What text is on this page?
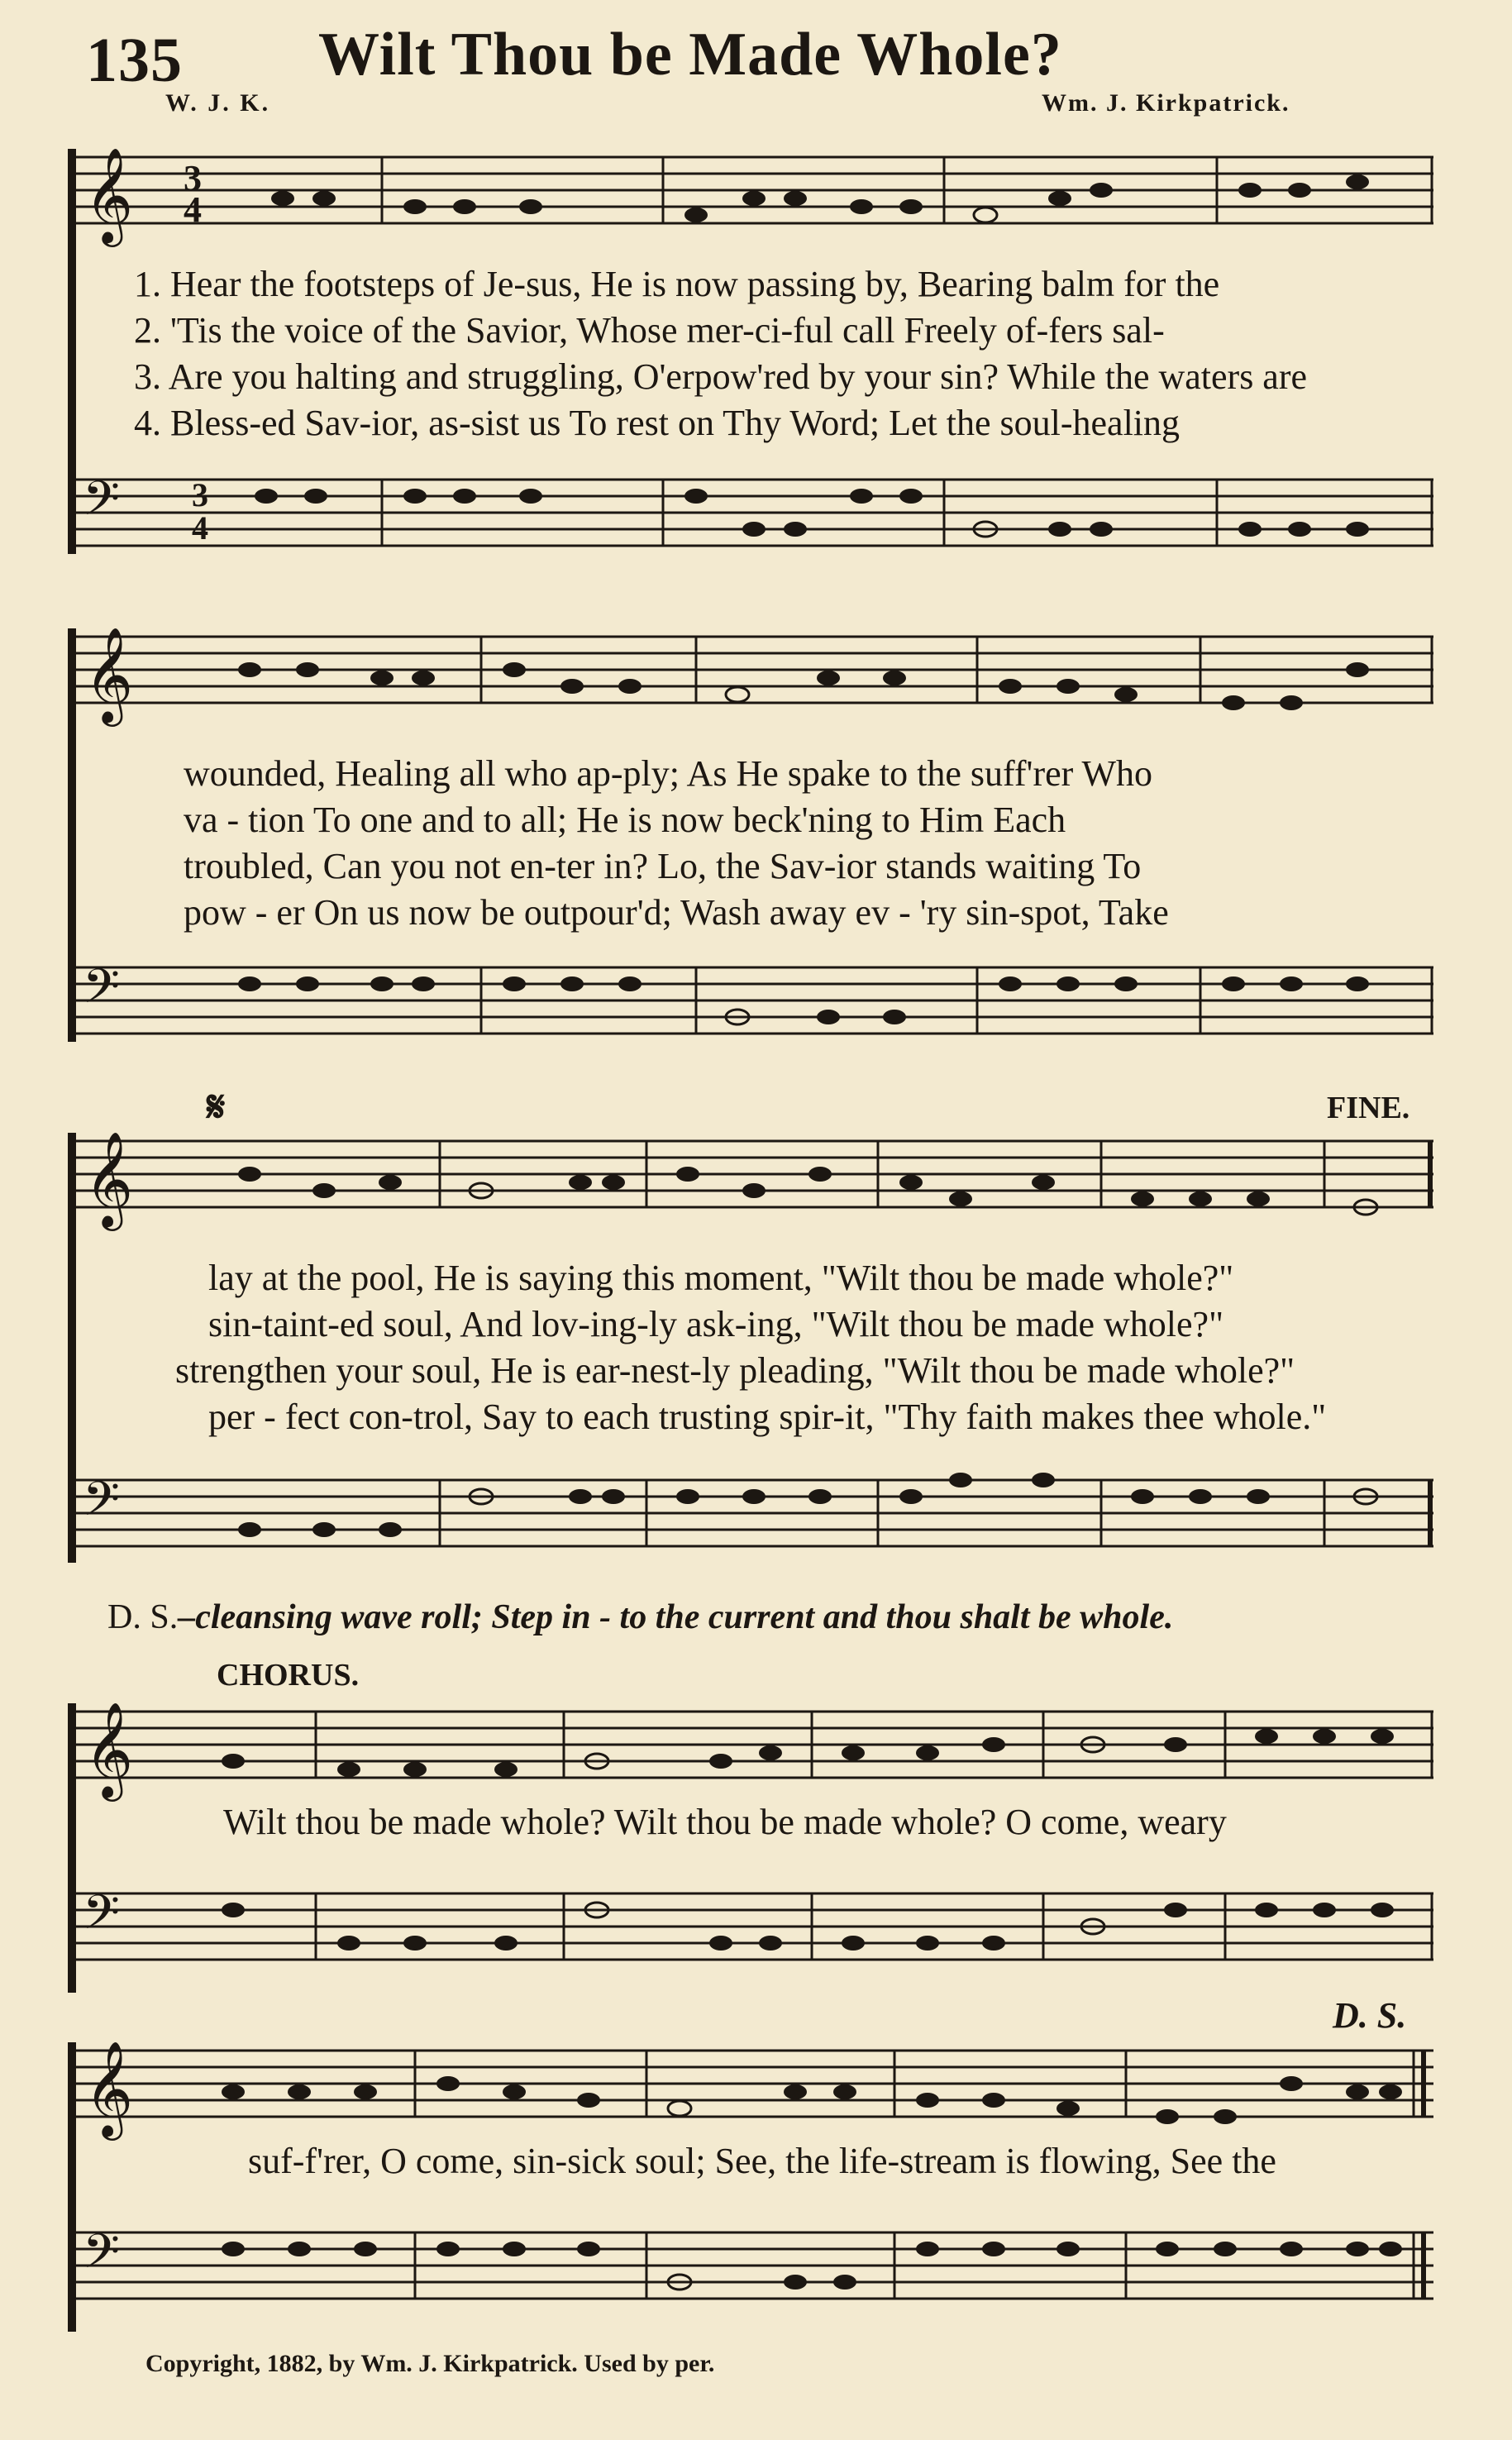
135 Wilt Thou be Made Whole?
W. J. K.	Wm. J. Kirkpatrick.
𝄞 3
4
1. Hear the footsteps of Je-sus, He is now passing by, Bearing balm for the
2. 'Tis the voice of the Savior, Whose mer-ci-ful call Freely of-fers sal-
3. Are you halting and struggling, O'erpow'red by your sin? While the waters are
4. Bless-ed Sav-ior, as-sist us To rest on Thy Word; Let the soul-healing
𝄢 3
4
𝄞
wounded, Healing all who ap-ply; As He spake to the suff'rer Who
va - tion To one and to all; He is now beck'ning to Him Each
troubled, Can you not en-ter in? Lo, the Sav-ior stands waiting To
pow - er On us now be outpour'd; Wash away ev - 'ry sin-spot, Take
𝄢
𝄋	FINE.
𝄞
lay at the pool, He is saying this moment, "Wilt thou be made whole?"
sin-taint-ed soul, And lov-ing-ly ask-ing, "Wilt thou be made whole?"
strengthen your soul, He is ear-nest-ly pleading, "Wilt thou be made whole?"
per - fect con-trol, Say to each trusting spir-it, "Thy faith makes thee whole."
𝄢
D. S.–cleansing wave roll; Step in - to the current and thou shalt be whole.
CHORUS.
𝄞
Wilt thou be made whole? Wilt thou be made whole? O come, weary
𝄢
D. S.
𝄞
suf-f'rer, O come, sin-sick soul; See, the life-stream is flowing, See the
𝄢
Copyright, 1882, by Wm. J. Kirkpatrick. Used by per.
